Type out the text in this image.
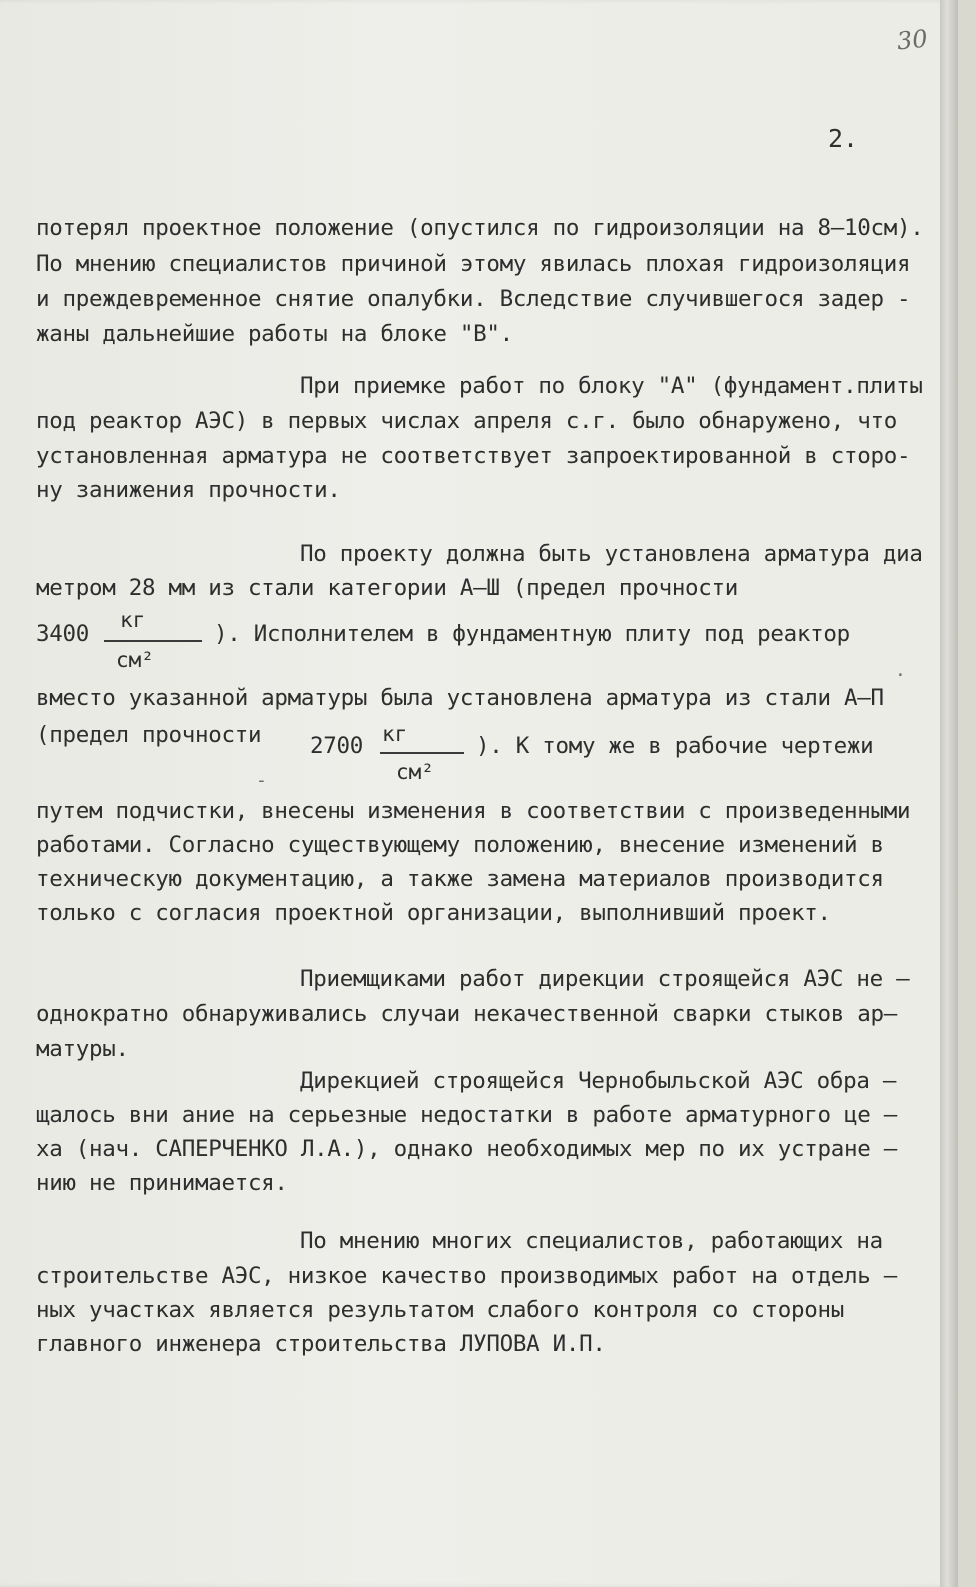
30
2.
потерял проектное положение (опустился по гидроизоляции на 8–10см).
По мнению специалистов причиной этому явилась плохая гидроизоляция
и преждевременное снятие опалубки. Вследствие случившегося задер -
жаны дальнейшие работы на блоке "В".
При приемке работ по блоку "А" (фундамент.плиты
под реактор АЭС) в первых числах апреля с.г. было обнаружено, что
установленная арматура не соответствует запроектированной в сторо-
ну занижения прочности.
По проекту должна быть установлена арматура диа
метром 28 мм из стали категории А–Ш (предел прочности
3400
кг
см²
). Исполнителем в фундаментную плиту под реактор
.
вместо указанной арматуры была установлена арматура из стали А–П
(предел прочности 2700 кг
см²
). К тому же в рабочие чертежи
-
путем подчистки, внесены изменения в соответствии с произведенными
работами. Согласно существующему положению, внесение изменений в
техническую документацию, а также замена материалов производится
только с согласия проектной организации, выполнивший проект.
Приемщиками работ дирекции строящейся АЭС не –
однократно обнаруживались случаи некачественной сварки стыков ар–
матуры.
Дирекцией строящейся Чернобыльской АЭС обра –
щалось вни ание на серьезные недостатки в работе арматурного це –
ха (нач. САПЕРЧЕНКО Л.А.), однако необходимых мер по их устране –
нию не принимается.
По мнению многих специалистов, работающих на
строительстве АЭС, низкое качество производимых работ на отдель –
ных участках является результатом слабого контроля со стороны
главного инженера строительства ЛУПОВА И.П.
